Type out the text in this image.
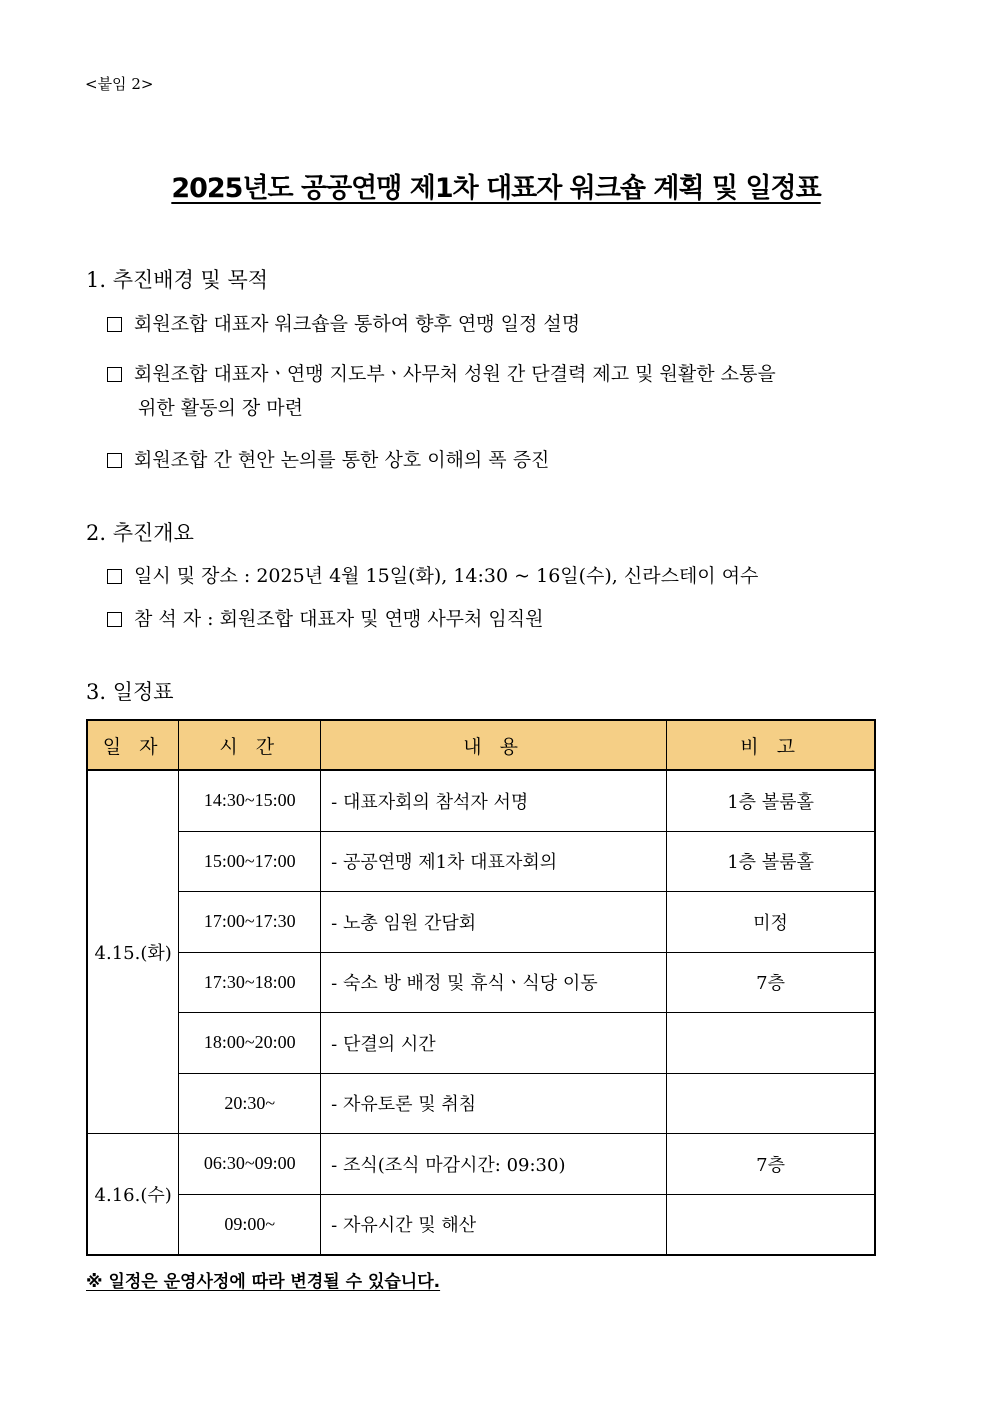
<붙임 2>
2025년도 공공연맹 제1차 대표자 워크숍 계획 및 일정표
1. 추진배경 및 목적
회원조합 대표자 워크숍을 통하여 향후 연맹 일정 설명
회원조합 대표자ㆍ연맹 지도부ㆍ사무처 성원 간 단결력 제고 및 원활한 소통을
위한 활동의 장 마련
회원조합 간 현안 논의를 통한 상호 이해의 폭 증진
2. 추진개요
일시 및 장소 : 2025년 4월 15일(화), 14:30 ~ 16일(수), 신라스테이 여수
참 석 자 : 회원조합 대표자 및 연맹 사무처 임직원
3. 일정표
일 자	시 간	내 용	비 고
4.15.(화)	14:30~15:00	- 대표자회의 참석자 서명	1층 볼룸홀
	15:00~17:00	- 공공연맹 제1차 대표자회의	1층 볼룸홀
	17:00~17:30	- 노총 임원 간담회	미정
	17:30~18:00	- 숙소 방 배정 및 휴식ㆍ식당 이동	7층
	18:00~20:00	- 단결의 시간	
	20:30~	- 자유토론 및 취침	
4.16.(수)	06:30~09:00	- 조식(조식 마감시간: 09:30)	7층
	09:00~	- 자유시간 및 해산	
※ 일정은 운영사정에 따라 변경될 수 있습니다.
